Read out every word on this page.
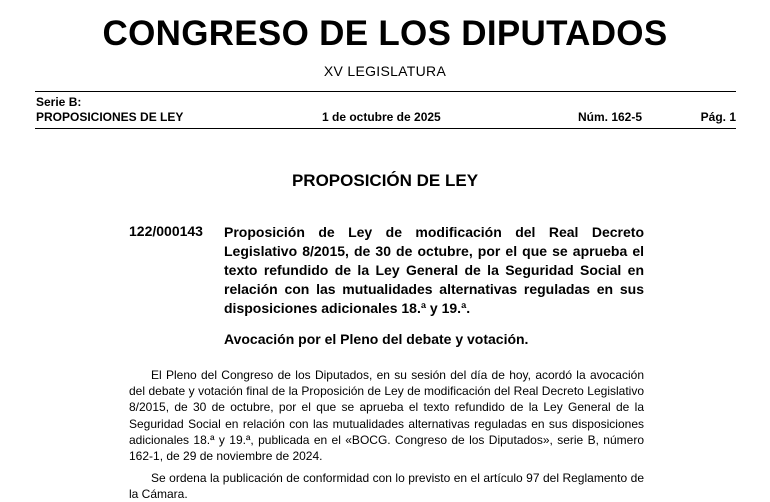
CONGRESO DE LOS DIPUTADOS
XV LEGISLATURA
Serie B:
PROPOSICIONES DE LEY	1 de octubre de 2025	Núm. 162-5	Pág. 1
PROPOSICIÓN DE LEY
122/000143 Proposición de Ley de modificación del Real Decreto Legislativo 8/2015, de 30 de octubre, por el que se aprueba el texto refundido de la Ley General de la Seguridad Social en relación con las mutualidades alternativas reguladas en sus disposiciones adicionales 18.ª y 19.ª.
Avocación por el Pleno del debate y votación.

El Pleno del Congreso de los Diputados, en su sesión del día de hoy, acordó la avocación del debate y votación final de la Proposición de Ley de modificación del Real Decreto Legislativo 8/2015, de 30 de octubre, por el que se aprueba el texto refundido de la Ley General de la Seguridad Social en relación con las mutualidades alternativas reguladas en sus disposiciones adicionales 18.ª y 19.ª, publicada en el «BOCG. Congreso de los Diputados», serie B, número 162-1, de 29 de noviembre de 2024.

Se ordena la publicación de conformidad con lo previsto en el artículo 97 del Reglamento de la Cámara.
